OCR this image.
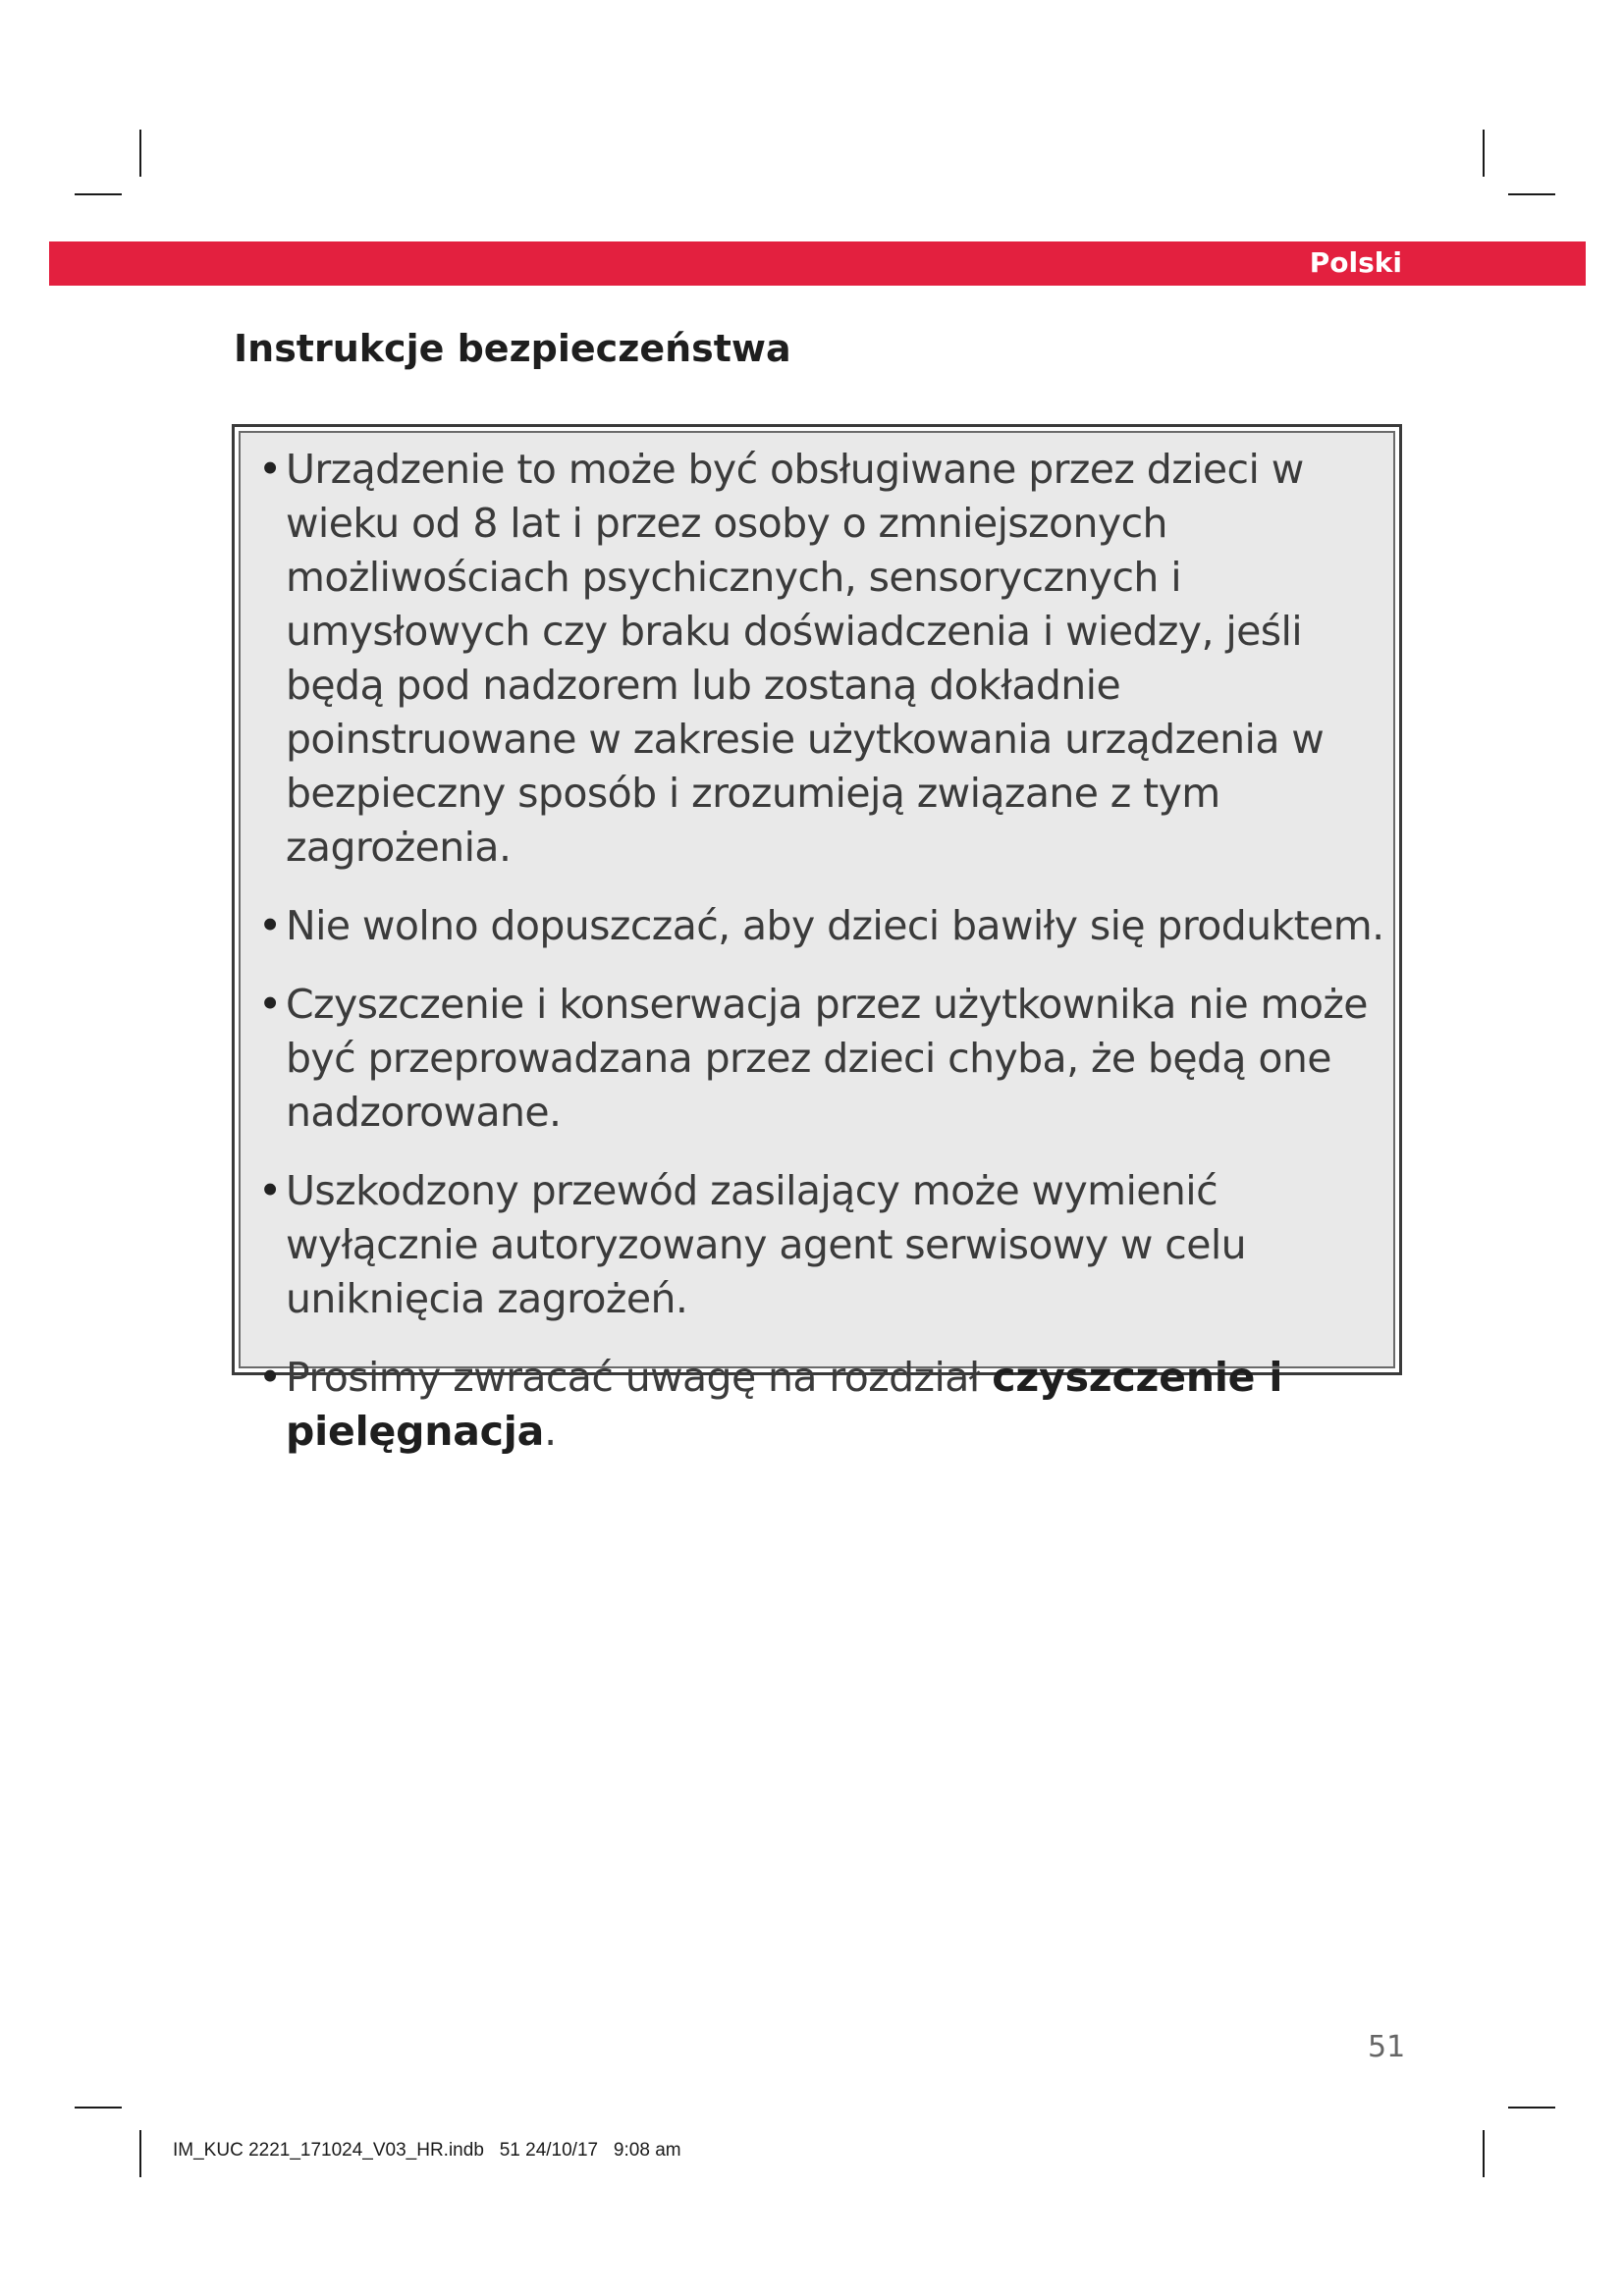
Polski
Instrukcje bezpieczeństwa
• Urządzenie to może być obsługiwane przez dzieci w wieku od 8 lat i przez osoby o zmniejszonych możliwościach psychicznych, sensorycznych i umysłowych czy braku doświadczenia i wiedzy, jeśli będą pod nadzorem lub zostaną dokładnie poinstruowane w zakresie użytkowania urządzenia w bezpieczny sposób i zrozumieją związane z tym zagrożenia.
• Nie wolno dopuszczać, aby dzieci bawiły się produktem.
• Czyszczenie i konserwacja przez użytkownika nie może być przeprowadzana przez dzieci chyba, że będą one nadzorowane.
• Uszkodzony przewód zasilający może wymienić wyłącznie autoryzowany agent serwisowy w celu uniknięcia zagrożeń.
• Prosimy zwracać uwagę na rozdział czyszczenie i pielęgnacja.
51
IM_KUC 2221_171024_V03_HR.indb   51 24/10/17   9:08 am
